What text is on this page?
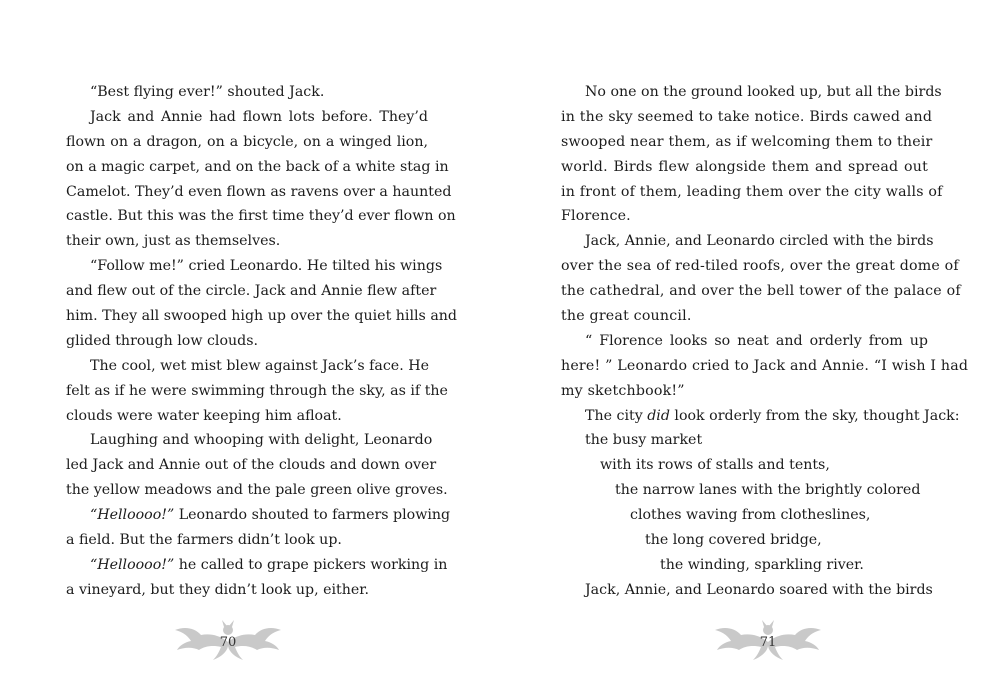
“Best flying ever!” shouted Jack.
Jack and Annie had flown lots before. They’d
flown on a dragon, on a bicycle, on a winged lion,
on a magic carpet, and on the back of a white stag in
Camelot. They’d even flown as ravens over a haunted
castle. But this was the first time they’d ever flown on
their own, just as themselves.
“Follow me!” cried Leonardo. He tilted his wings
and flew out of the circle. Jack and Annie flew after
him. They all swooped high up over the quiet hills and
glided through low clouds.
The cool, wet mist blew against Jack’s face. He
felt as if he were swimming through the sky, as if the
clouds were water keeping him afloat.
Laughing and whooping with delight, Leonardo
led Jack and Annie out of the clouds and down over
the yellow meadows and the pale green olive groves.
“Helloooo!” Leonardo shouted to farmers plowing
a field. But the farmers didn’t look up.
“Helloooo!” he called to grape pickers working in
a vineyard, but they didn’t look up, either.
No one on the ground looked up, but all the birds
in the sky seemed to take notice. Birds cawed and
swooped near them, as if welcoming them to their
world. Birds flew alongside them and spread out
in front of them, leading them over the city walls of
Florence.
Jack, Annie, and Leonardo circled with the birds
over the sea of red-tiled roofs, over the great dome of
the cathedral, and over the bell tower of the palace of
the great council.
“ Florence looks so neat and orderly from up
here! ” Leonardo cried to Jack and Annie. “I wish I had
my sketchbook!”
The city did look orderly from the sky, thought Jack:
the busy market
with its rows of stalls and tents,
the narrow lanes with the brightly colored
clothes waving from clotheslines,
the long covered bridge,
the winding, sparkling river.
Jack, Annie, and Leonardo soared with the birds
70	71
